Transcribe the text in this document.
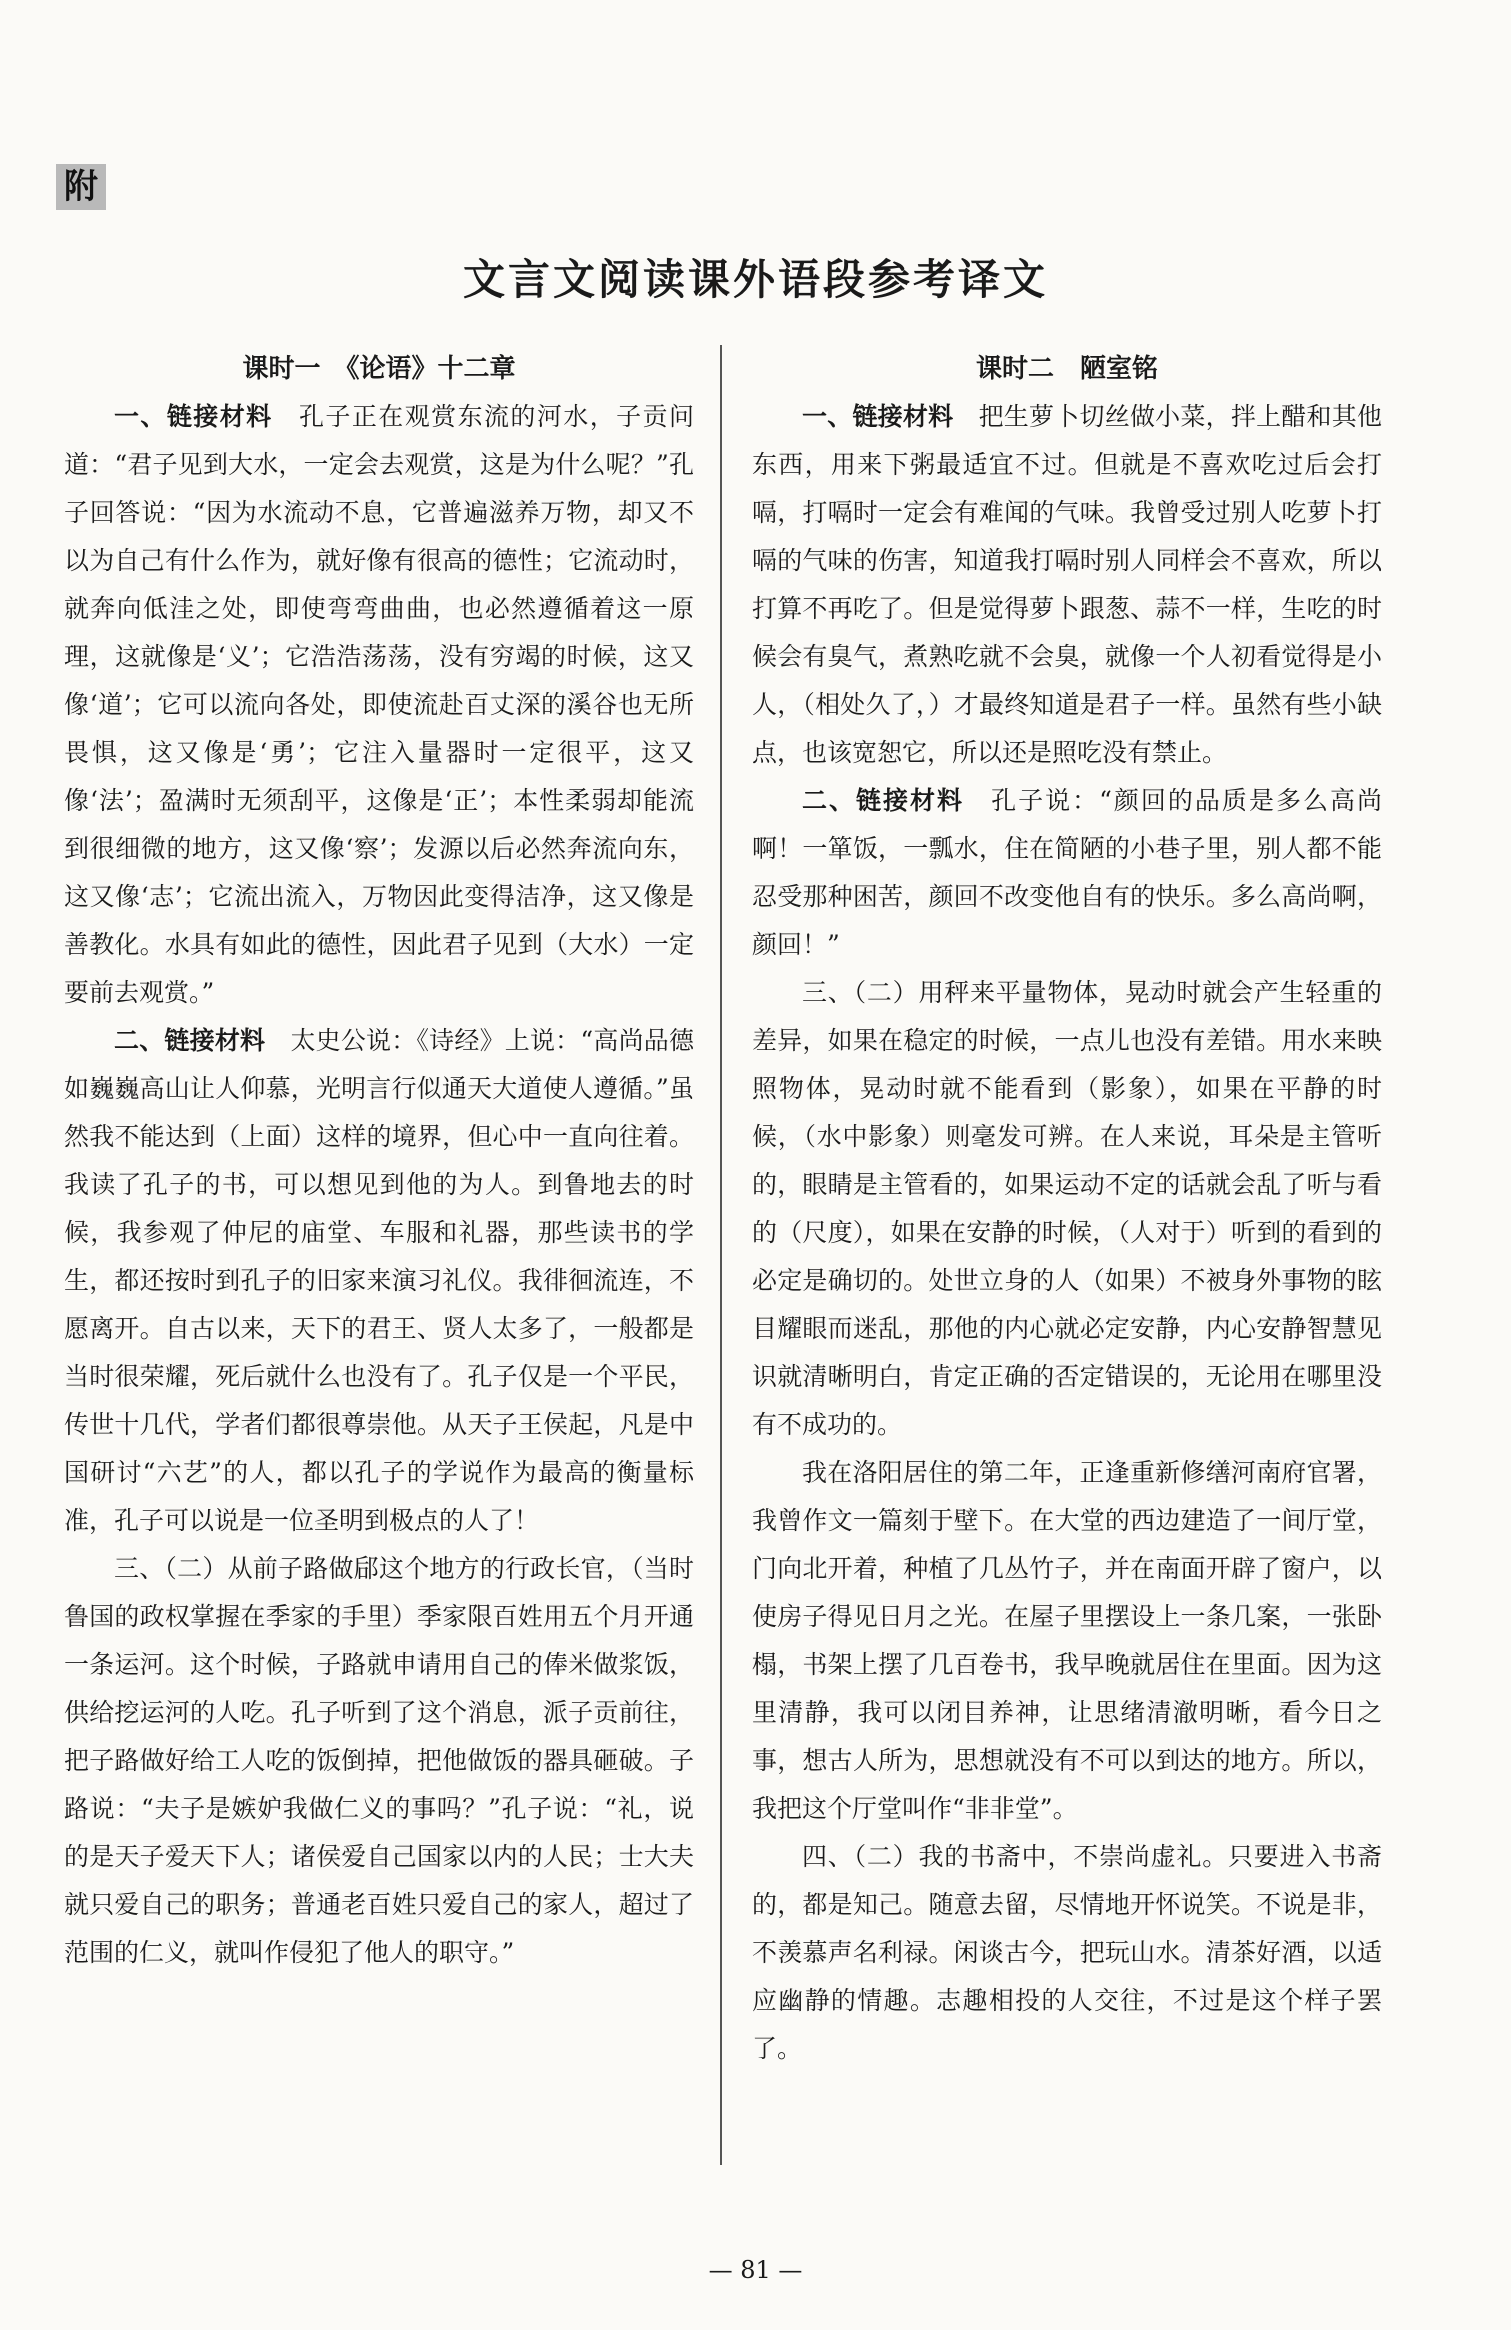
附
文言文阅读课外语段参考译文
课时一　《论语》十二章

一、链接材料　孔子正在观赏东流的河水，子贡问道：“君子见到大水，一定会去观赏，这是为什么呢？”孔子回答说：“因为水流动不息，它普遍滋养万物，却又不以为自己有什么作为，就好像有很高的德性；它流动时，就奔向低洼之处，即使弯弯曲曲，也必然遵循着这一原理，这就像是‘义’；它浩浩荡荡，没有穷竭的时候，这又像‘道’；它可以流向各处，即使流赴百丈深的溪谷也无所畏惧，这又像是‘勇’；它注入量器时一定很平，这又像‘法’；盈满时无须刮平，这像是‘正’；本性柔弱却能流到很细微的地方，这又像‘察’；发源以后必然奔流向东，这又像‘志’；它流出流入，万物因此变得洁净，这又像是善教化。水具有如此的德性，因此君子见到（大水）一定要前去观赏。”

二、链接材料　太史公说：《诗经》上说：“高尚品德如巍巍高山让人仰慕，光明言行似通天大道使人遵循。”虽然我不能达到（上面）这样的境界，但心中一直向往着。我读了孔子的书，可以想见到他的为人。到鲁地去的时候，我参观了仲尼的庙堂、车服和礼器，那些读书的学生，都还按时到孔子的旧家来演习礼仪。我徘徊流连，不愿离开。自古以来，天下的君王、贤人太多了，一般都是当时很荣耀，死后就什么也没有了。孔子仅是一个平民，传世十几代，学者们都很尊崇他。从天子王侯起，凡是中国研讨“六艺”的人，都以孔子的学说作为最高的衡量标准，孔子可以说是一位圣明到极点的人了！

三、（二）从前子路做郈这个地方的行政长官，（当时鲁国的政权掌握在季家的手里）季家限百姓用五个月开通一条运河。这个时候，子路就申请用自己的俸米做浆饭，供给挖运河的人吃。孔子听到了这个消息，派子贡前往，把子路做好给工人吃的饭倒掉，把他做饭的器具砸破。子路说：“夫子是嫉妒我做仁义的事吗？”孔子说：“礼，说的是天子爱天下人；诸侯爱自己国家以内的人民；士大夫就只爱自己的职务；普通老百姓只爱自己的家人，超过了范围的仁义，就叫作侵犯了他人的职守。”

课时二　陋室铭

一、链接材料　把生萝卜切丝做小菜，拌上醋和其他东西，用来下粥最适宜不过。但就是不喜欢吃过后会打嗝，打嗝时一定会有难闻的气味。我曾受过别人吃萝卜打嗝的气味的伤害，知道我打嗝时别人同样会不喜欢，所以打算不再吃了。但是觉得萝卜跟葱、蒜不一样，生吃的时候会有臭气，煮熟吃就不会臭，就像一个人初看觉得是小人，（相处久了，）才最终知道是君子一样。虽然有些小缺点，也该宽恕它，所以还是照吃没有禁止。

二、链接材料　孔子说：“颜回的品质是多么高尚啊！一箪饭，一瓢水，住在简陋的小巷子里，别人都不能忍受那种困苦，颜回不改变他自有的快乐。多么高尚啊，颜回！”

三、（二）用秤来平量物体，晃动时就会产生轻重的差异，如果在稳定的时候，一点儿也没有差错。用水来映照物体，晃动时就不能看到（影象），如果在平静的时候，（水中影象）则毫发可辨。在人来说，耳朵是主管听的，眼睛是主管看的，如果运动不定的话就会乱了听与看的（尺度），如果在安静的时候，（人对于）听到的看到的必定是确切的。处世立身的人（如果）不被身外事物的眩目耀眼而迷乱，那他的内心就必定安静，内心安静智慧见识就清晰明白，肯定正确的否定错误的，无论用在哪里没有不成功的。

我在洛阳居住的第二年，正逢重新修缮河南府官署，我曾作文一篇刻于壁下。在大堂的西边建造了一间厅堂，门向北开着，种植了几丛竹子，并在南面开辟了窗户，以使房子得见日月之光。在屋子里摆设上一条几案，一张卧榻，书架上摆了几百卷书，我早晚就居住在里面。因为这里清静，我可以闭目养神，让思绪清澈明晰，看今日之事，想古人所为，思想就没有不可以到达的地方。所以，我把这个厅堂叫作“非非堂”。

四、（二）我的书斋中，不崇尚虚礼。只要进入书斋的，都是知己。随意去留，尽情地开怀说笑。不说是非，不羡慕声名利禄。闲谈古今，把玩山水。清茶好酒，以适应幽静的情趣。志趣相投的人交往，不过是这个样子罢了。

— 81 —
